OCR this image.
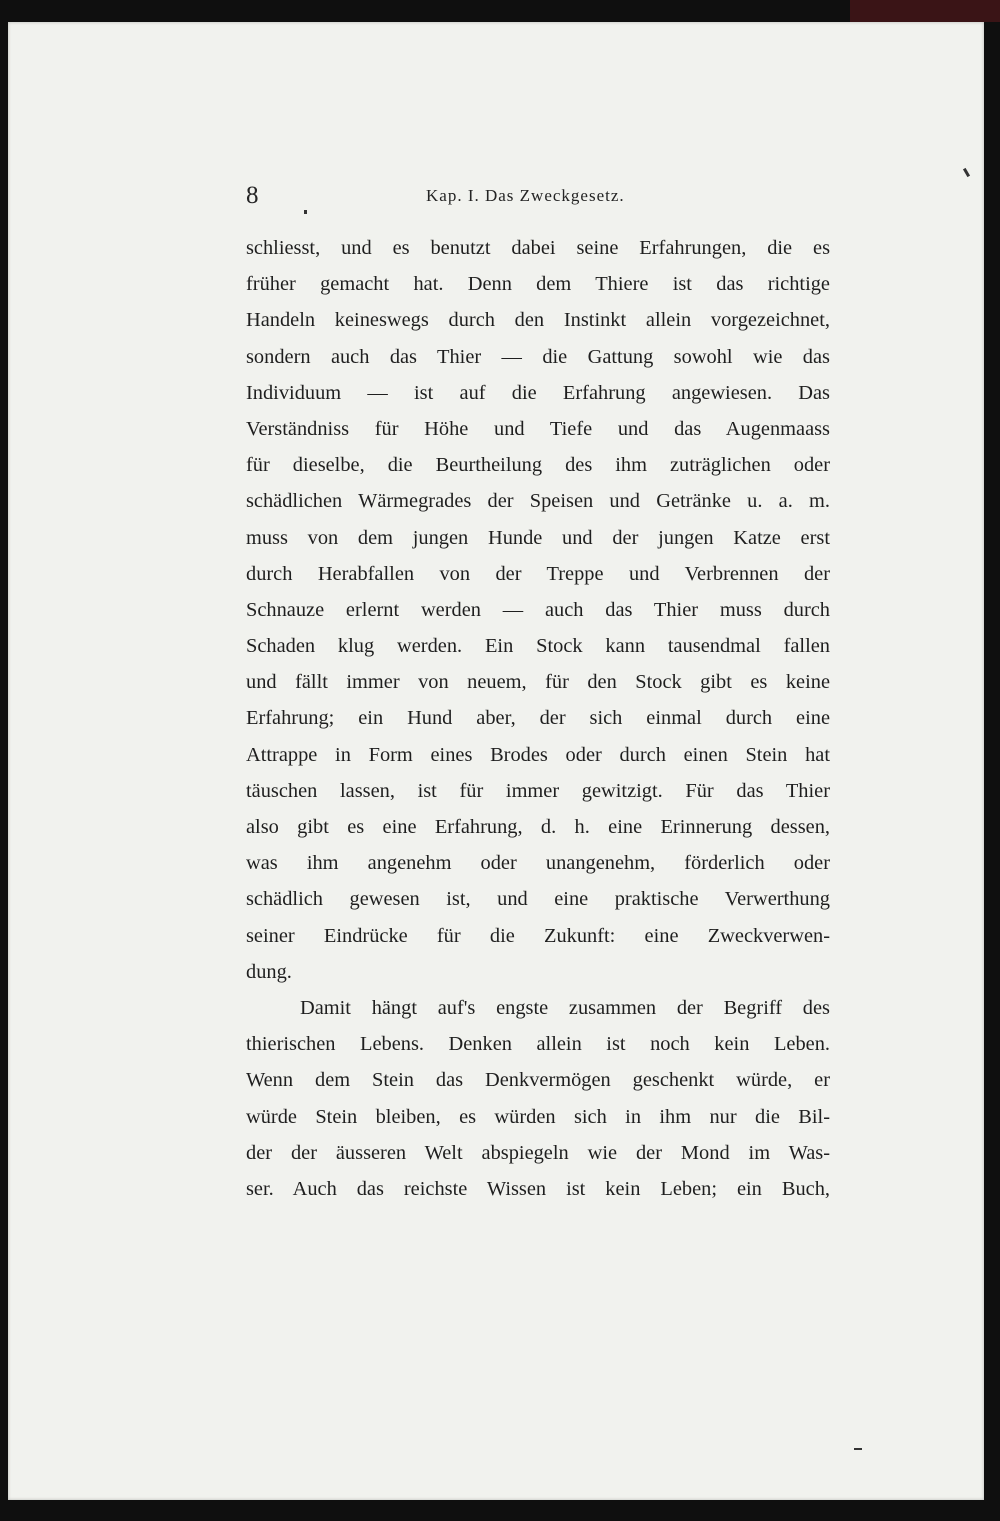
8	Kap. I. Das Zweckgesetz.
schliesst, und es benutzt dabei seine Erfahrungen, die es
früher gemacht hat. Denn dem Thiere ist das richtige
Handeln keineswegs durch den Instinkt allein vorgezeichnet,
sondern auch das Thier — die Gattung sowohl wie das
Individuum — ist auf die Erfahrung angewiesen. Das
Verständniss für Höhe und Tiefe und das Augenmaass
für dieselbe, die Beurtheilung des ihm zuträglichen oder
schädlichen Wärmegrades der Speisen und Getränke u. a. m.
muss von dem jungen Hunde und der jungen Katze erst
durch Herabfallen von der Treppe und Verbrennen der
Schnauze erlernt werden — auch das Thier muss durch
Schaden klug werden. Ein Stock kann tausendmal fallen
und fällt immer von neuem, für den Stock gibt es keine
Erfahrung; ein Hund aber, der sich einmal durch eine
Attrappe in Form eines Brodes oder durch einen Stein hat
täuschen lassen, ist für immer gewitzigt. Für das Thier
also gibt es eine Erfahrung, d. h. eine Erinnerung dessen,
was ihm angenehm oder unangenehm, förderlich oder
schädlich gewesen ist, und eine praktische Verwerthung
seiner Eindrücke für die Zukunft: eine Zweckverwen-
dung.
Damit hängt auf's engste zusammen der Begriff des
thierischen Lebens. Denken allein ist noch kein Leben.
Wenn dem Stein das Denkvermögen geschenkt würde, er
würde Stein bleiben, es würden sich in ihm nur die Bil-
der der äusseren Welt abspiegeln wie der Mond im Was-
ser. Auch das reichste Wissen ist kein Leben; ein Buch,
